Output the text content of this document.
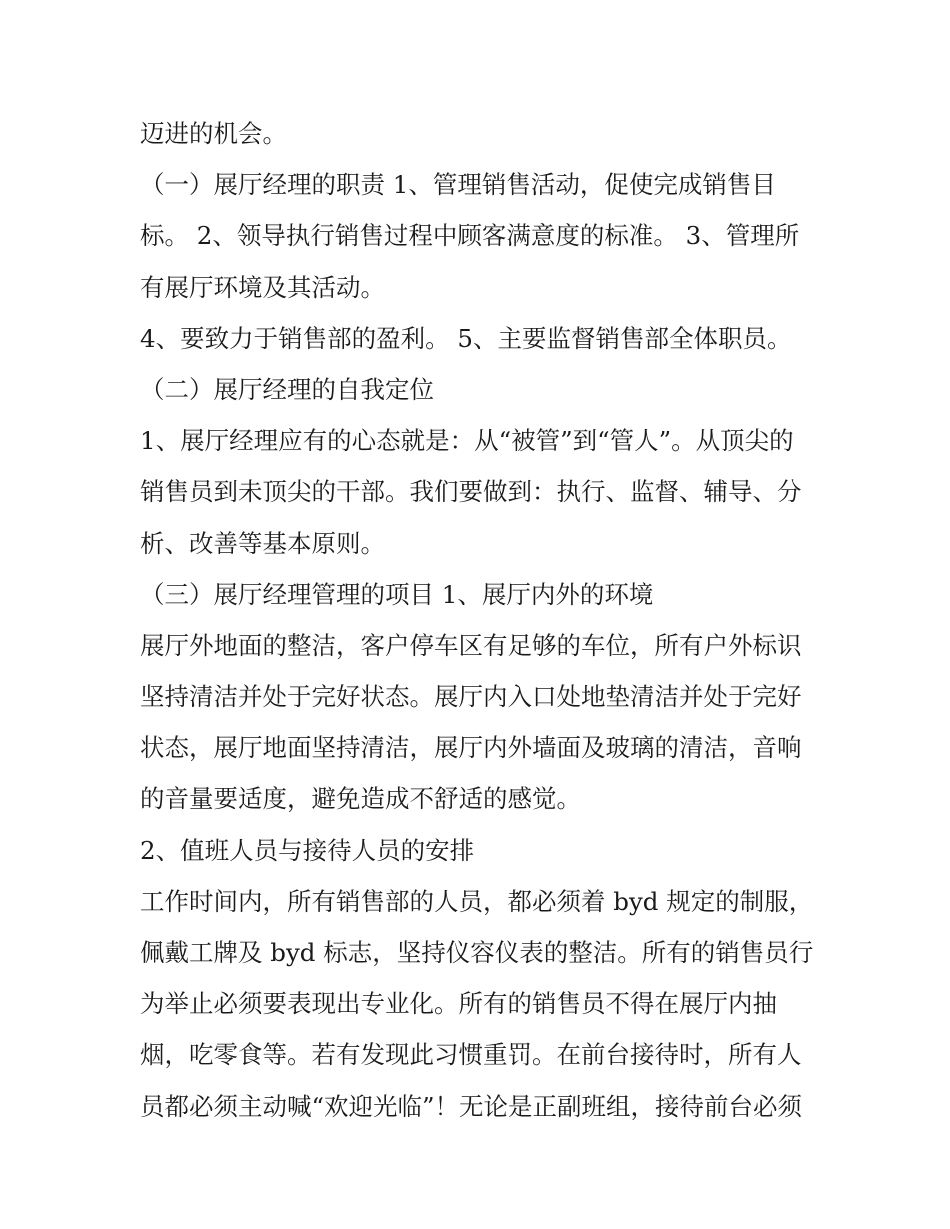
迈进的机会。
（一）展厅经理的职责 1、管理销售活动，促使完成销售目
标。 2、领导执行销售过程中顾客满意度的标准。 3、管理所
有展厅环境及其活动。
4、要致力于销售部的盈利。 5、主要监督销售部全体职员。
（二）展厅经理的自我定位
1、展厅经理应有的心态就是：从“被管”到“管人”。从顶尖的
销售员到未顶尖的干部。我们要做到：执行、监督、辅导、分
析、改善等基本原则。
（三）展厅经理管理的项目 1、展厅内外的环境
展厅外地面的整洁，客户停车区有足够的车位，所有户外标识
坚持清洁并处于完好状态。展厅内入口处地垫清洁并处于完好
状态，展厅地面坚持清洁，展厅内外墙面及玻璃的清洁，音响
的音量要适度，避免造成不舒适的感觉。
2、值班人员与接待人员的安排
工作时间内，所有销售部的人员，都必须着 byd 规定的制服，
佩戴工牌及 byd 标志，坚持仪容仪表的整洁。所有的销售员行
为举止必须要表现出专业化。所有的销售员不得在展厅内抽
烟，吃零食等。若有发现此习惯重罚。在前台接待时，所有人
员都必须主动喊“欢迎光临”！无论是正副班组，接待前台必须
